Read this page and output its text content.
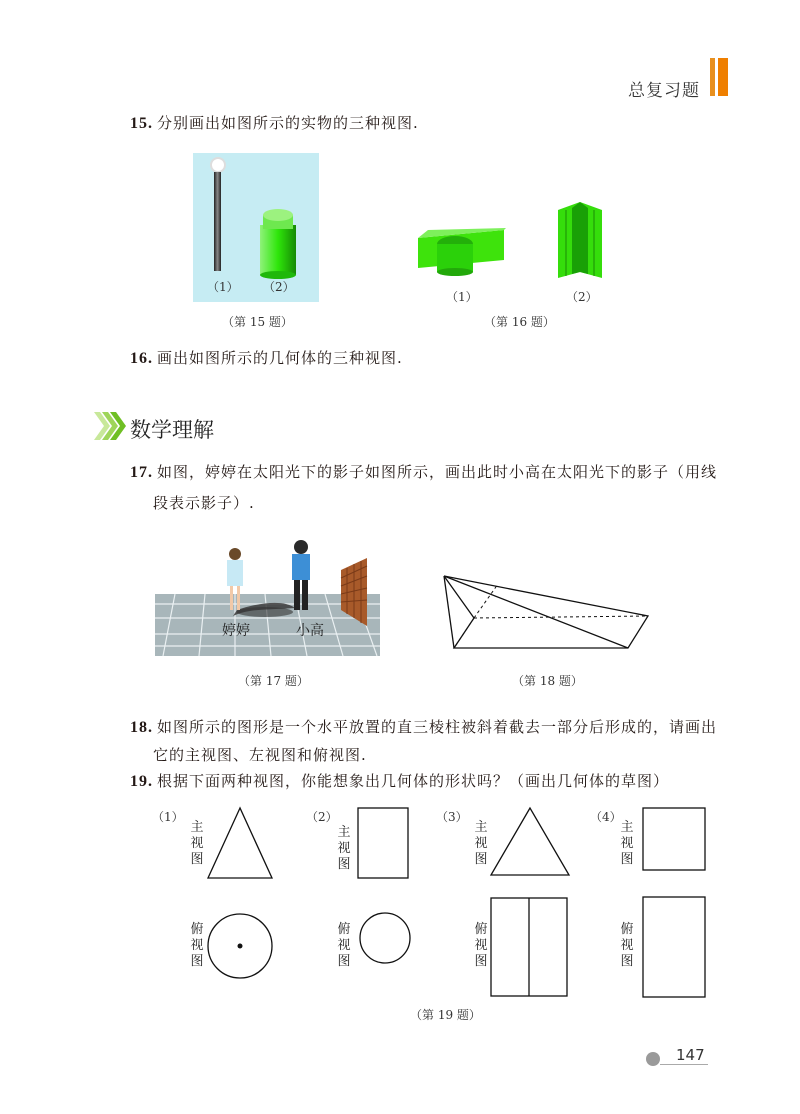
总复习题
15. 分别画出如图所示的实物的三种视图.
（1） （2）
（第 15 题）
（1）	（2）
（第 16 题）
16. 画出如图所示的几何体的三种视图.
数学理解
17. 如图，婷婷在太阳光下的影子如图所示，画出此时小高在太阳光下的影子（用线
段表示影子）.
婷婷	小高
（第 17 题）	（第 18 题）
18. 如图所示的图形是一个水平放置的直三棱柱被斜着截去一部分后形成的，请画出
它的主视图、左视图和俯视图.
19. 根据下面两种视图，你能想象出几何体的形状吗？（画出几何体的草图）
（1）	（2）	（3）	（4）
主视图
主视图
主视图
主视图
俯视图
俯视图
俯视图
俯视图
（第 19 题）
147
